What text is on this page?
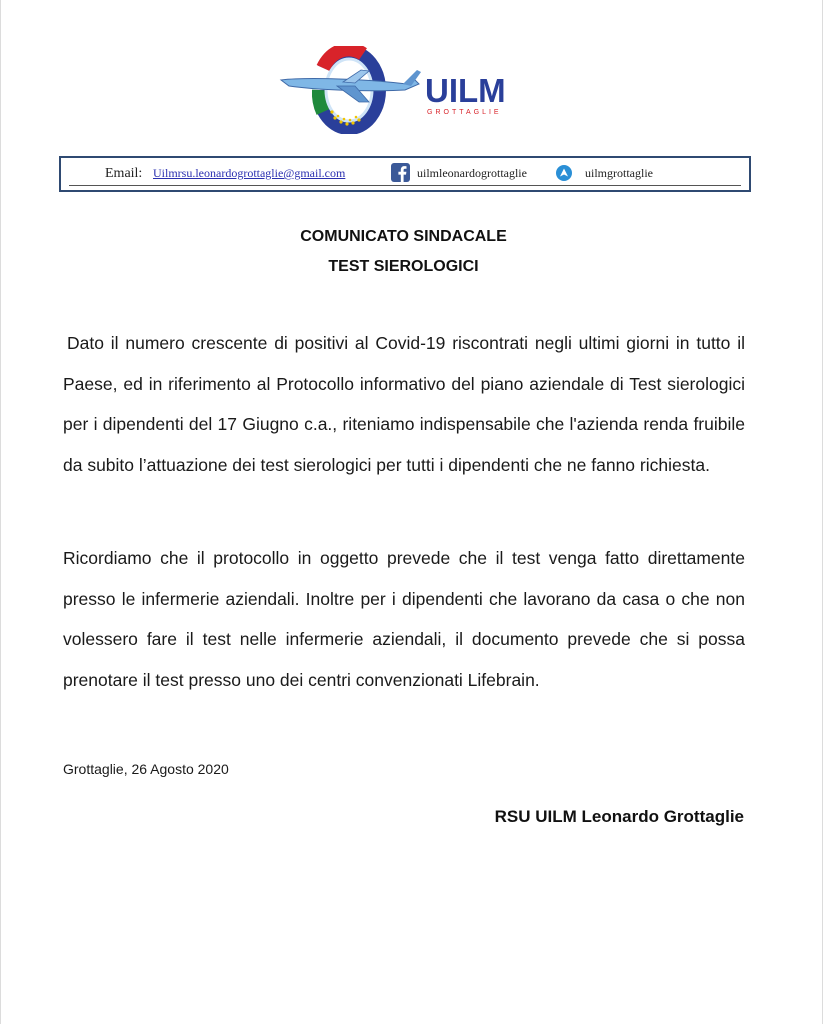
UILM
GROTTAGLIE
Email: Uilmrsu.leonardogrottaglie@gmail.com	uilmleonardogrottaglie	uilmgrottaglie
COMUNICATO SINDACALE
TEST SIEROLOGICI
Dato il numero crescente di positivi al Covid-19 riscontrati negli ultimi giorni in tutto il Paese, ed in riferimento al Protocollo informativo del piano aziendale di Test sierologici per i dipendenti del 17 Giugno c.a., riteniamo indispensabile che l'azienda renda fruibile da subito l’attuazione dei test sierologici per tutti i dipendenti che ne fanno richiesta.
Ricordiamo che il protocollo in oggetto prevede che il test venga fatto direttamente presso le infermerie aziendali. Inoltre per i dipendenti che lavorano da casa o che non volessero fare il test nelle infermerie aziendali, il documento prevede che si possa prenotare il test presso uno dei centri convenzionati Lifebrain.
Grottaglie, 26 Agosto 2020
RSU UILM Leonardo Grottaglie
